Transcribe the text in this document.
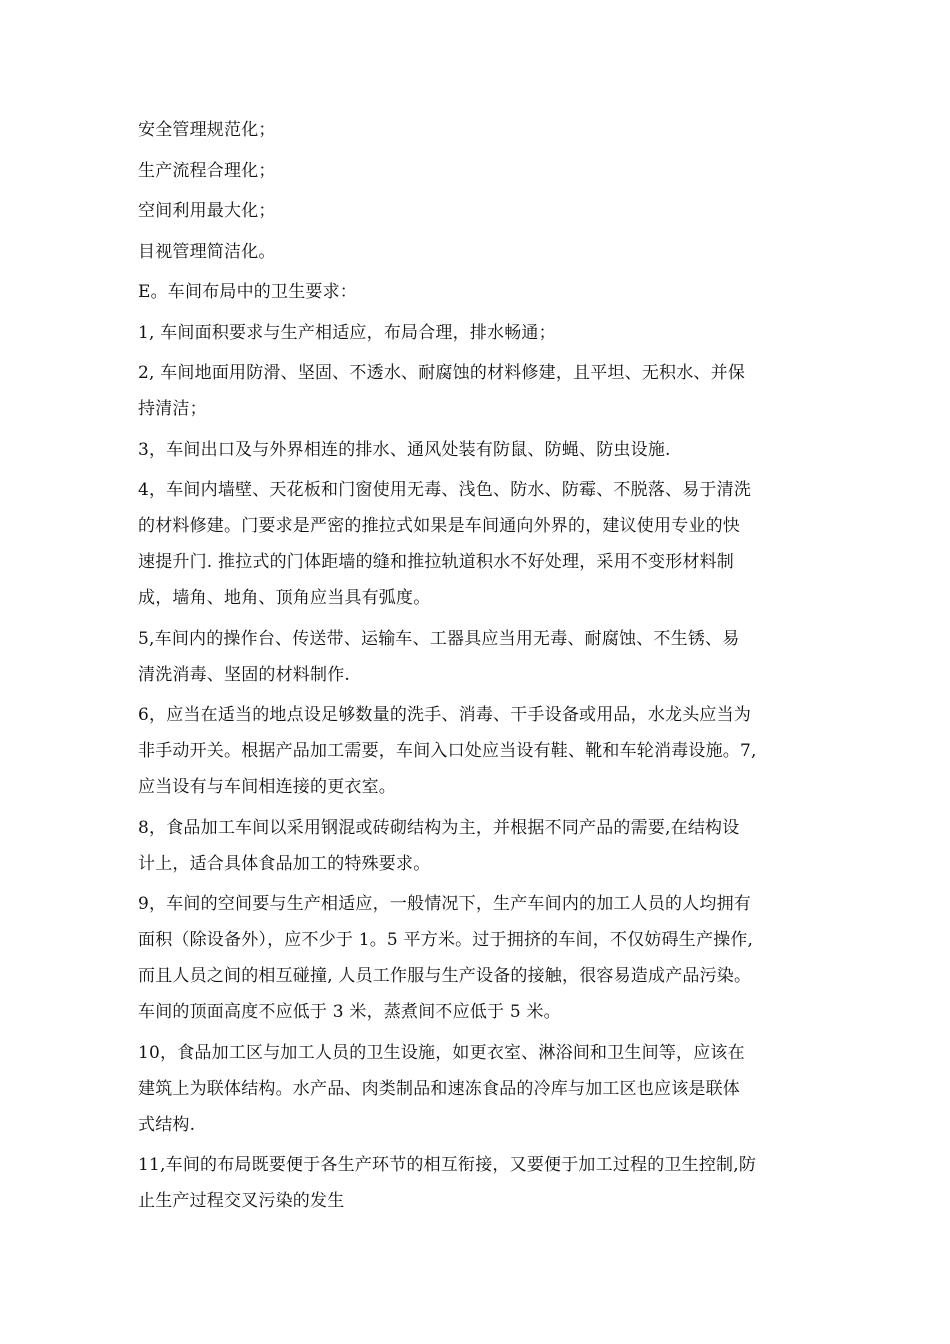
安全管理规范化；

生产流程合理化；

空间利用最大化；

目视管理简洁化。

E。车间布局中的卫生要求：

1, 车间面积要求与生产相适应，布局合理，排水畅通；

2, 车间地面用防滑、坚固、不透水、耐腐蚀的材料修建，且平坦、无积水、并保
持清洁；

3，车间出口及与外界相连的排水、通风处装有防鼠、防蝇、防虫设施.

4，车间内墙壁、天花板和门窗使用无毒、浅色、防水、防霉、不脱落、易于清洗
的材料修建。门要求是严密的推拉式如果是车间通向外界的，建议使用专业的快
速提升门. 推拉式的门体距墙的缝和推拉轨道积水不好处理，采用不变形材料制
成，墙角、地角、顶角应当具有弧度。

5,车间内的操作台、传送带、运输车、工器具应当用无毒、耐腐蚀、不生锈、易
清洗消毒、坚固的材料制作.

6，应当在适当的地点设足够数量的洗手、消毒、干手设备或用品，水龙头应当为
非手动开关。根据产品加工需要，车间入口处应当设有鞋、靴和车轮消毒设施。7,
应当设有与车间相连接的更衣室。

8，食品加工车间以采用钢混或砖砌结构为主，并根据不同产品的需要,在结构设
计上，适合具体食品加工的特殊要求。

9，车间的空间要与生产相适应，一般情况下，生产车间内的加工人员的人均拥有
面积（除设备外），应不少于 1。5 平方米。过于拥挤的车间，不仅妨碍生产操作,
而且人员之间的相互碰撞, 人员工作服与生产设备的接触，很容易造成产品污染。
车间的顶面高度不应低于 3 米，蒸煮间不应低于 5 米。

10，食品加工区与加工人员的卫生设施，如更衣室、淋浴间和卫生间等，应该在
建筑上为联体结构。水产品、肉类制品和速冻食品的冷库与加工区也应该是联体
式结构.

11,车间的布局既要便于各生产环节的相互衔接，又要便于加工过程的卫生控制,防
止生产过程交叉污染的发生
